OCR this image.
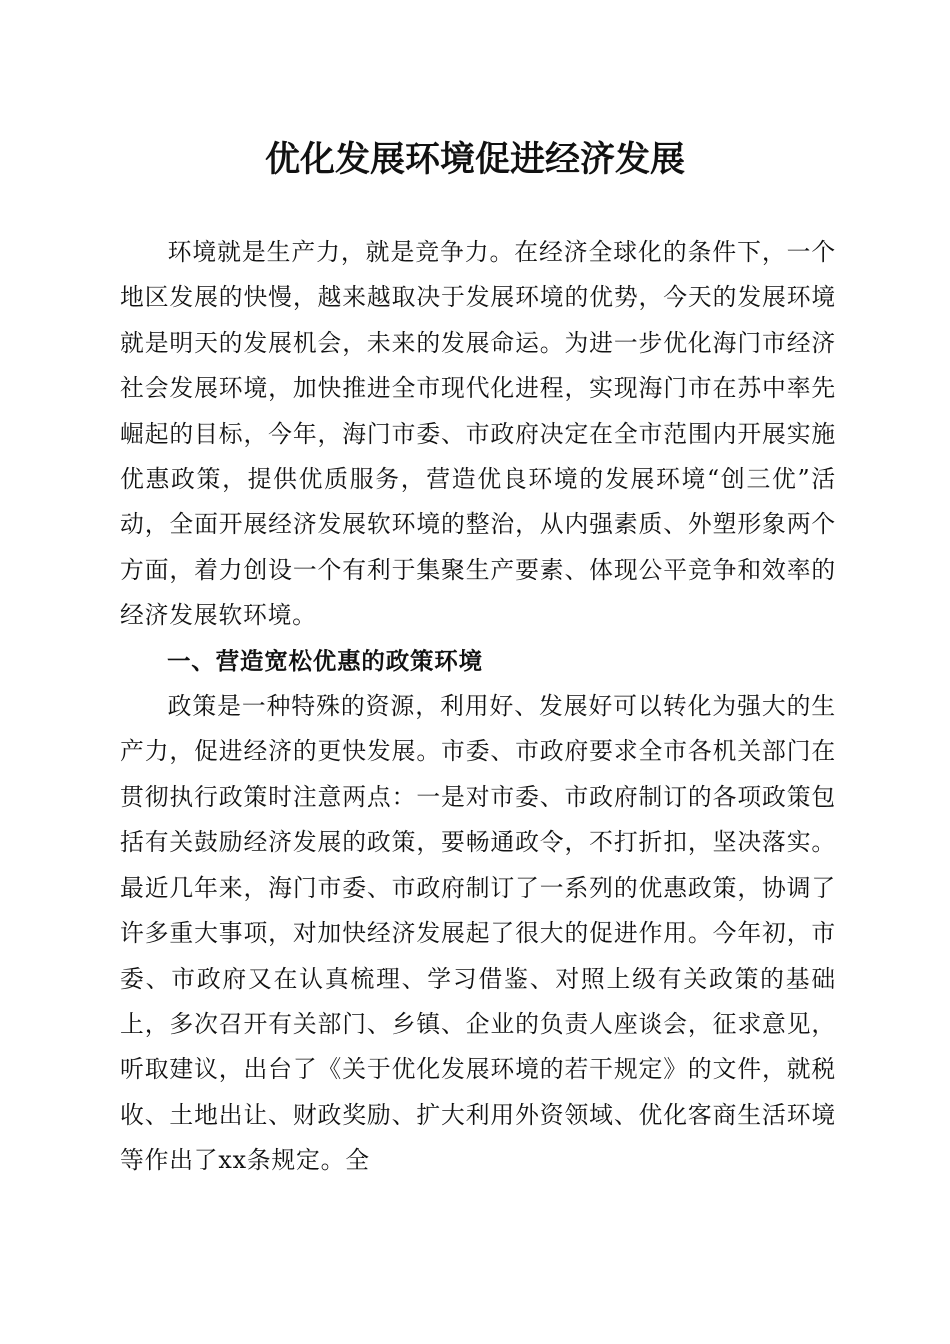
优化发展环境促进经济发展

环境就是生产力，就是竞争力。在经济全球化的条件下，一个地区发展的快慢，越来越取决于发展环境的优势，今天的发展环境就是明天的发展机会，未来的发展命运。为进一步优化海门市经济社会发展环境，加快推进全市现代化进程，实现海门市在苏中率先崛起的目标，今年，海门市委、市政府决定在全市范围内开展实施优惠政策，提供优质服务，营造优良环境的发展环境“创三优”活动，全面开展经济发展软环境的整治，从内强素质、外塑形象两个方面，着力创设一个有利于集聚生产要素、体现公平竞争和效率的经济发展软环境。

一、营造宽松优惠的政策环境

政策是一种特殊的资源，利用好、发展好可以转化为强大的生产力，促进经济的更快发展。市委、市政府要求全市各机关部门在贯彻执行政策时注意两点：一是对市委、市政府制订的各项政策包括有关鼓励经济发展的政策，要畅通政令，不打折扣，坚决落实。最近几年来，海门市委、市政府制订了一系列的优惠政策，协调了许多重大事项，对加快经济发展起了很大的促进作用。今年初，市委、市政府又在认真梳理、学习借鉴、对照上级有关政策的基础上，多次召开有关部门、乡镇、企业的负责人座谈会，征求意见，听取建议，出台了《关于优化发展环境的若干规定》的文件，就税收、土地出让、财政奖励、扩大利用外资领域、优化客商生活环境等作出了xx条规定。全
